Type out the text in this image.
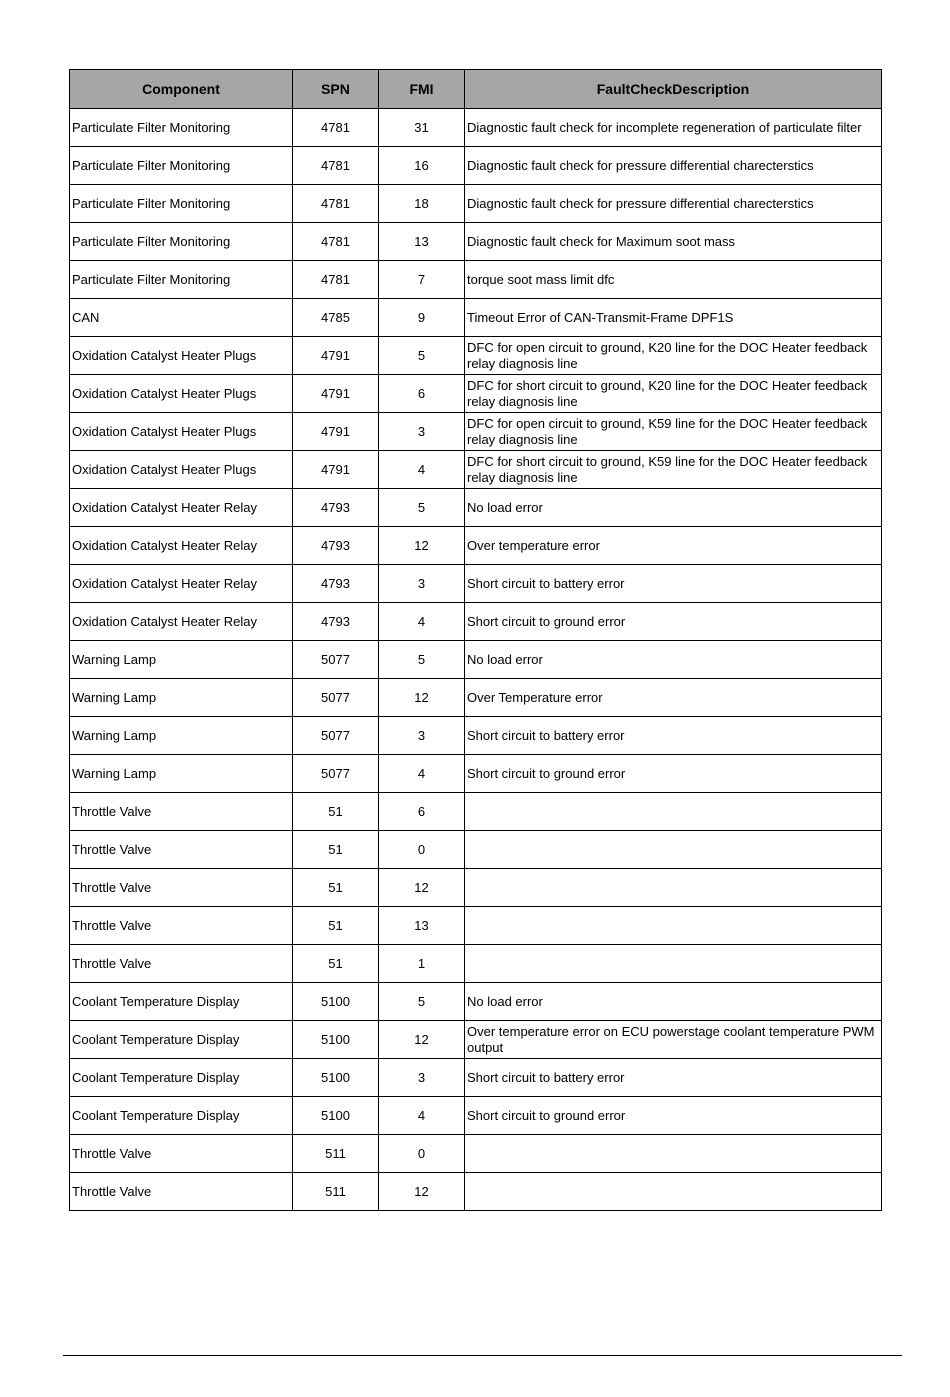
Component	SPN	FMI	FaultCheckDescription
Particulate Filter Monitoring	4781	31	Diagnostic fault check for incomplete regeneration of particulate filter
Particulate Filter Monitoring	4781	16	Diagnostic fault check for pressure differential charecterstics
Particulate Filter Monitoring	4781	18	Diagnostic fault check for pressure differential charecterstics
Particulate Filter Monitoring	4781	13	Diagnostic fault check for Maximum soot mass
Particulate Filter Monitoring	4781	7	torque soot mass limit dfc
CAN	4785	9	Timeout Error of CAN-Transmit-Frame DPF1S
Oxidation Catalyst Heater Plugs	4791	5	DFC for open circuit to ground, K20 line for the DOC Heater feedback relay diagnosis line
Oxidation Catalyst Heater Plugs	4791	6	DFC for short circuit to ground, K20 line for the DOC Heater feedback relay diagnosis line
Oxidation Catalyst Heater Plugs	4791	3	DFC for open circuit to ground, K59 line for the DOC Heater feedback relay diagnosis line
Oxidation Catalyst Heater Plugs	4791	4	DFC for short circuit to ground, K59 line for the DOC Heater feedback relay diagnosis line
Oxidation Catalyst Heater Relay	4793	5	No load error
Oxidation Catalyst Heater Relay	4793	12	Over temperature error
Oxidation Catalyst Heater Relay	4793	3	Short circuit to battery error
Oxidation Catalyst Heater Relay	4793	4	Short circuit to ground error
Warning Lamp	5077	5	No load error
Warning Lamp	5077	12	Over Temperature error
Warning Lamp	5077	3	Short circuit to battery error
Warning Lamp	5077	4	Short circuit to ground error
Throttle Valve	51	6	
Throttle Valve	51	0	
Throttle Valve	51	12	
Throttle Valve	51	13	
Throttle Valve	51	1	
Coolant Temperature Display	5100	5	No load error
Coolant Temperature Display	5100	12	Over temperature error on ECU powerstage coolant temperature PWM output
Coolant Temperature Display	5100	3	Short circuit to battery error
Coolant Temperature Display	5100	4	Short circuit to ground error
Throttle Valve	511	0	
Throttle Valve	511	12	
